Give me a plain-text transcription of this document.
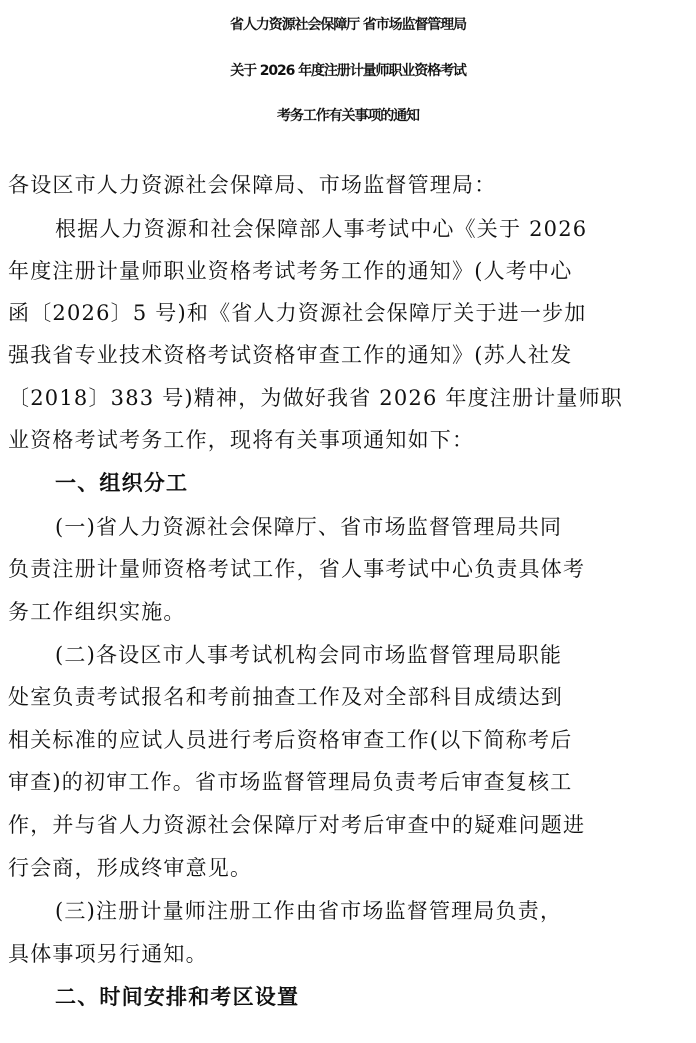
省人力资源社会保障厅 省市场监督管理局
关于 2026 年度注册计量师职业资格考试
考务工作有关事项的通知
各设区市人力资源社会保障局、市场监督管理局：
根据人力资源和社会保障部人事考试中心《关于 2026
年度注册计量师职业资格考试考务工作的通知》(人考中心
函〔2026〕5 号)和《省人力资源社会保障厅关于进一步加
强我省专业技术资格考试资格审查工作的通知》(苏人社发
〔2018〕383 号)精神，为做好我省 2026 年度注册计量师职
业资格考试考务工作，现将有关事项通知如下：
一、组织分工
(一)省人力资源社会保障厅、省市场监督管理局共同
负责注册计量师资格考试工作，省人事考试中心负责具体考
务工作组织实施。
(二)各设区市人事考试机构会同市场监督管理局职能
处室负责考试报名和考前抽查工作及对全部科目成绩达到
相关标准的应试人员进行考后资格审查工作(以下简称考后
审查)的初审工作。省市场监督管理局负责考后审查复核工
作，并与省人力资源社会保障厅对考后审查中的疑难问题进
行会商，形成终审意见。
(三)注册计量师注册工作由省市场监督管理局负责，
具体事项另行通知。
二、时间安排和考区设置
